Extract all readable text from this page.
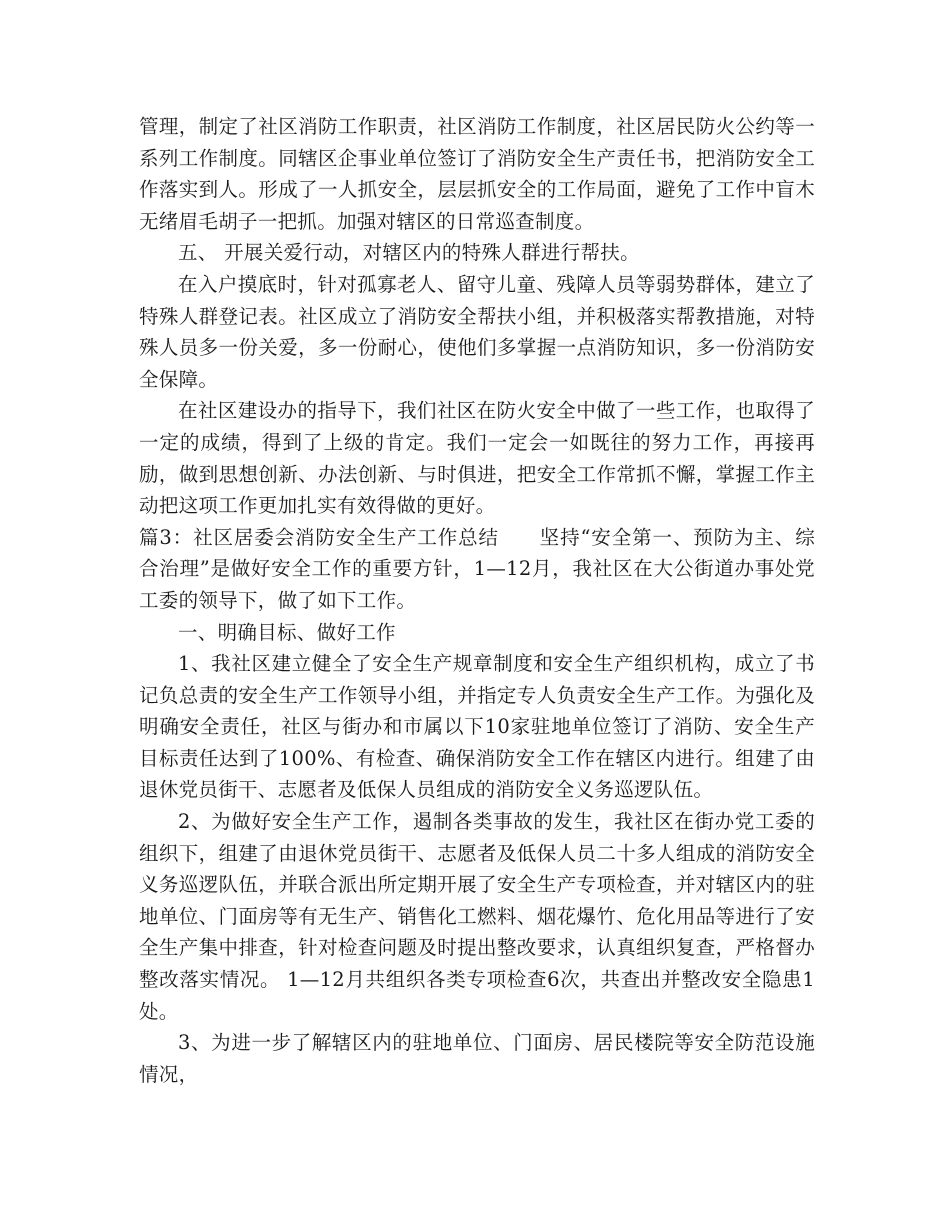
管理，制定了社区消防工作职责，社区消防工作制度，社区居民防火公约等一系列工作制度。同辖区企事业单位签订了消防安全生产责任书，把消防安全工作落实到人。形成了一人抓安全，层层抓安全的工作局面，避免了工作中盲木无绪眉毛胡子一把抓。加强对辖区的日常巡查制度。

五、 开展关爱行动，对辖区内的特殊人群进行帮扶。

在入户摸底时，针对孤寡老人、留守儿童、残障人员等弱势群体，建立了特殊人群登记表。社区成立了消防安全帮扶小组，并积极落实帮教措施，对特殊人员多一份关爱，多一份耐心，使他们多掌握一点消防知识，多一份消防安全保障。

在社区建设办的指导下，我们社区在防火安全中做了一些工作，也取得了一定的成绩，得到了上级的肯定。我们一定会一如既往的努力工作，再接再励，做到思想创新、办法创新、与时俱进，把安全工作常抓不懈，掌握工作主动把这项工作更加扎实有效得做的更好。

篇3：社区居委会消防安全生产工作总结　　坚持“安全第一、预防为主、综合治理”是做好安全工作的重要方针，1—12月，我社区在大公街道办事处党工委的领导下，做了如下工作。

一、明确目标、做好工作

1、我社区建立健全了安全生产规章制度和安全生产组织机构，成立了书记负总责的安全生产工作领导小组，并指定专人负责安全生产工作。为强化及明确安全责任，社区与街办和市属以下10家驻地单位签订了消防、安全生产目标责任达到了100%、有检查、确保消防安全工作在辖区内进行。组建了由退休党员街干、志愿者及低保人员组成的消防安全义务巡逻队伍。

2、为做好安全生产工作，遏制各类事故的发生，我社区在街办党工委的组织下，组建了由退休党员街干、志愿者及低保人员二十多人组成的消防安全义务巡逻队伍，并联合派出所定期开展了安全生产专项检查，并对辖区内的驻地单位、门面房等有无生产、销售化工燃料、烟花爆竹、危化用品等进行了安全生产集中排查，针对检查问题及时提出整改要求，认真组织复查，严格督办整改落实情况。 1—12月共组织各类专项检查6次，共查出并整改安全隐患1处。

3、为进一步了解辖区内的驻地单位、门面房、居民楼院等安全防范设施情况，
